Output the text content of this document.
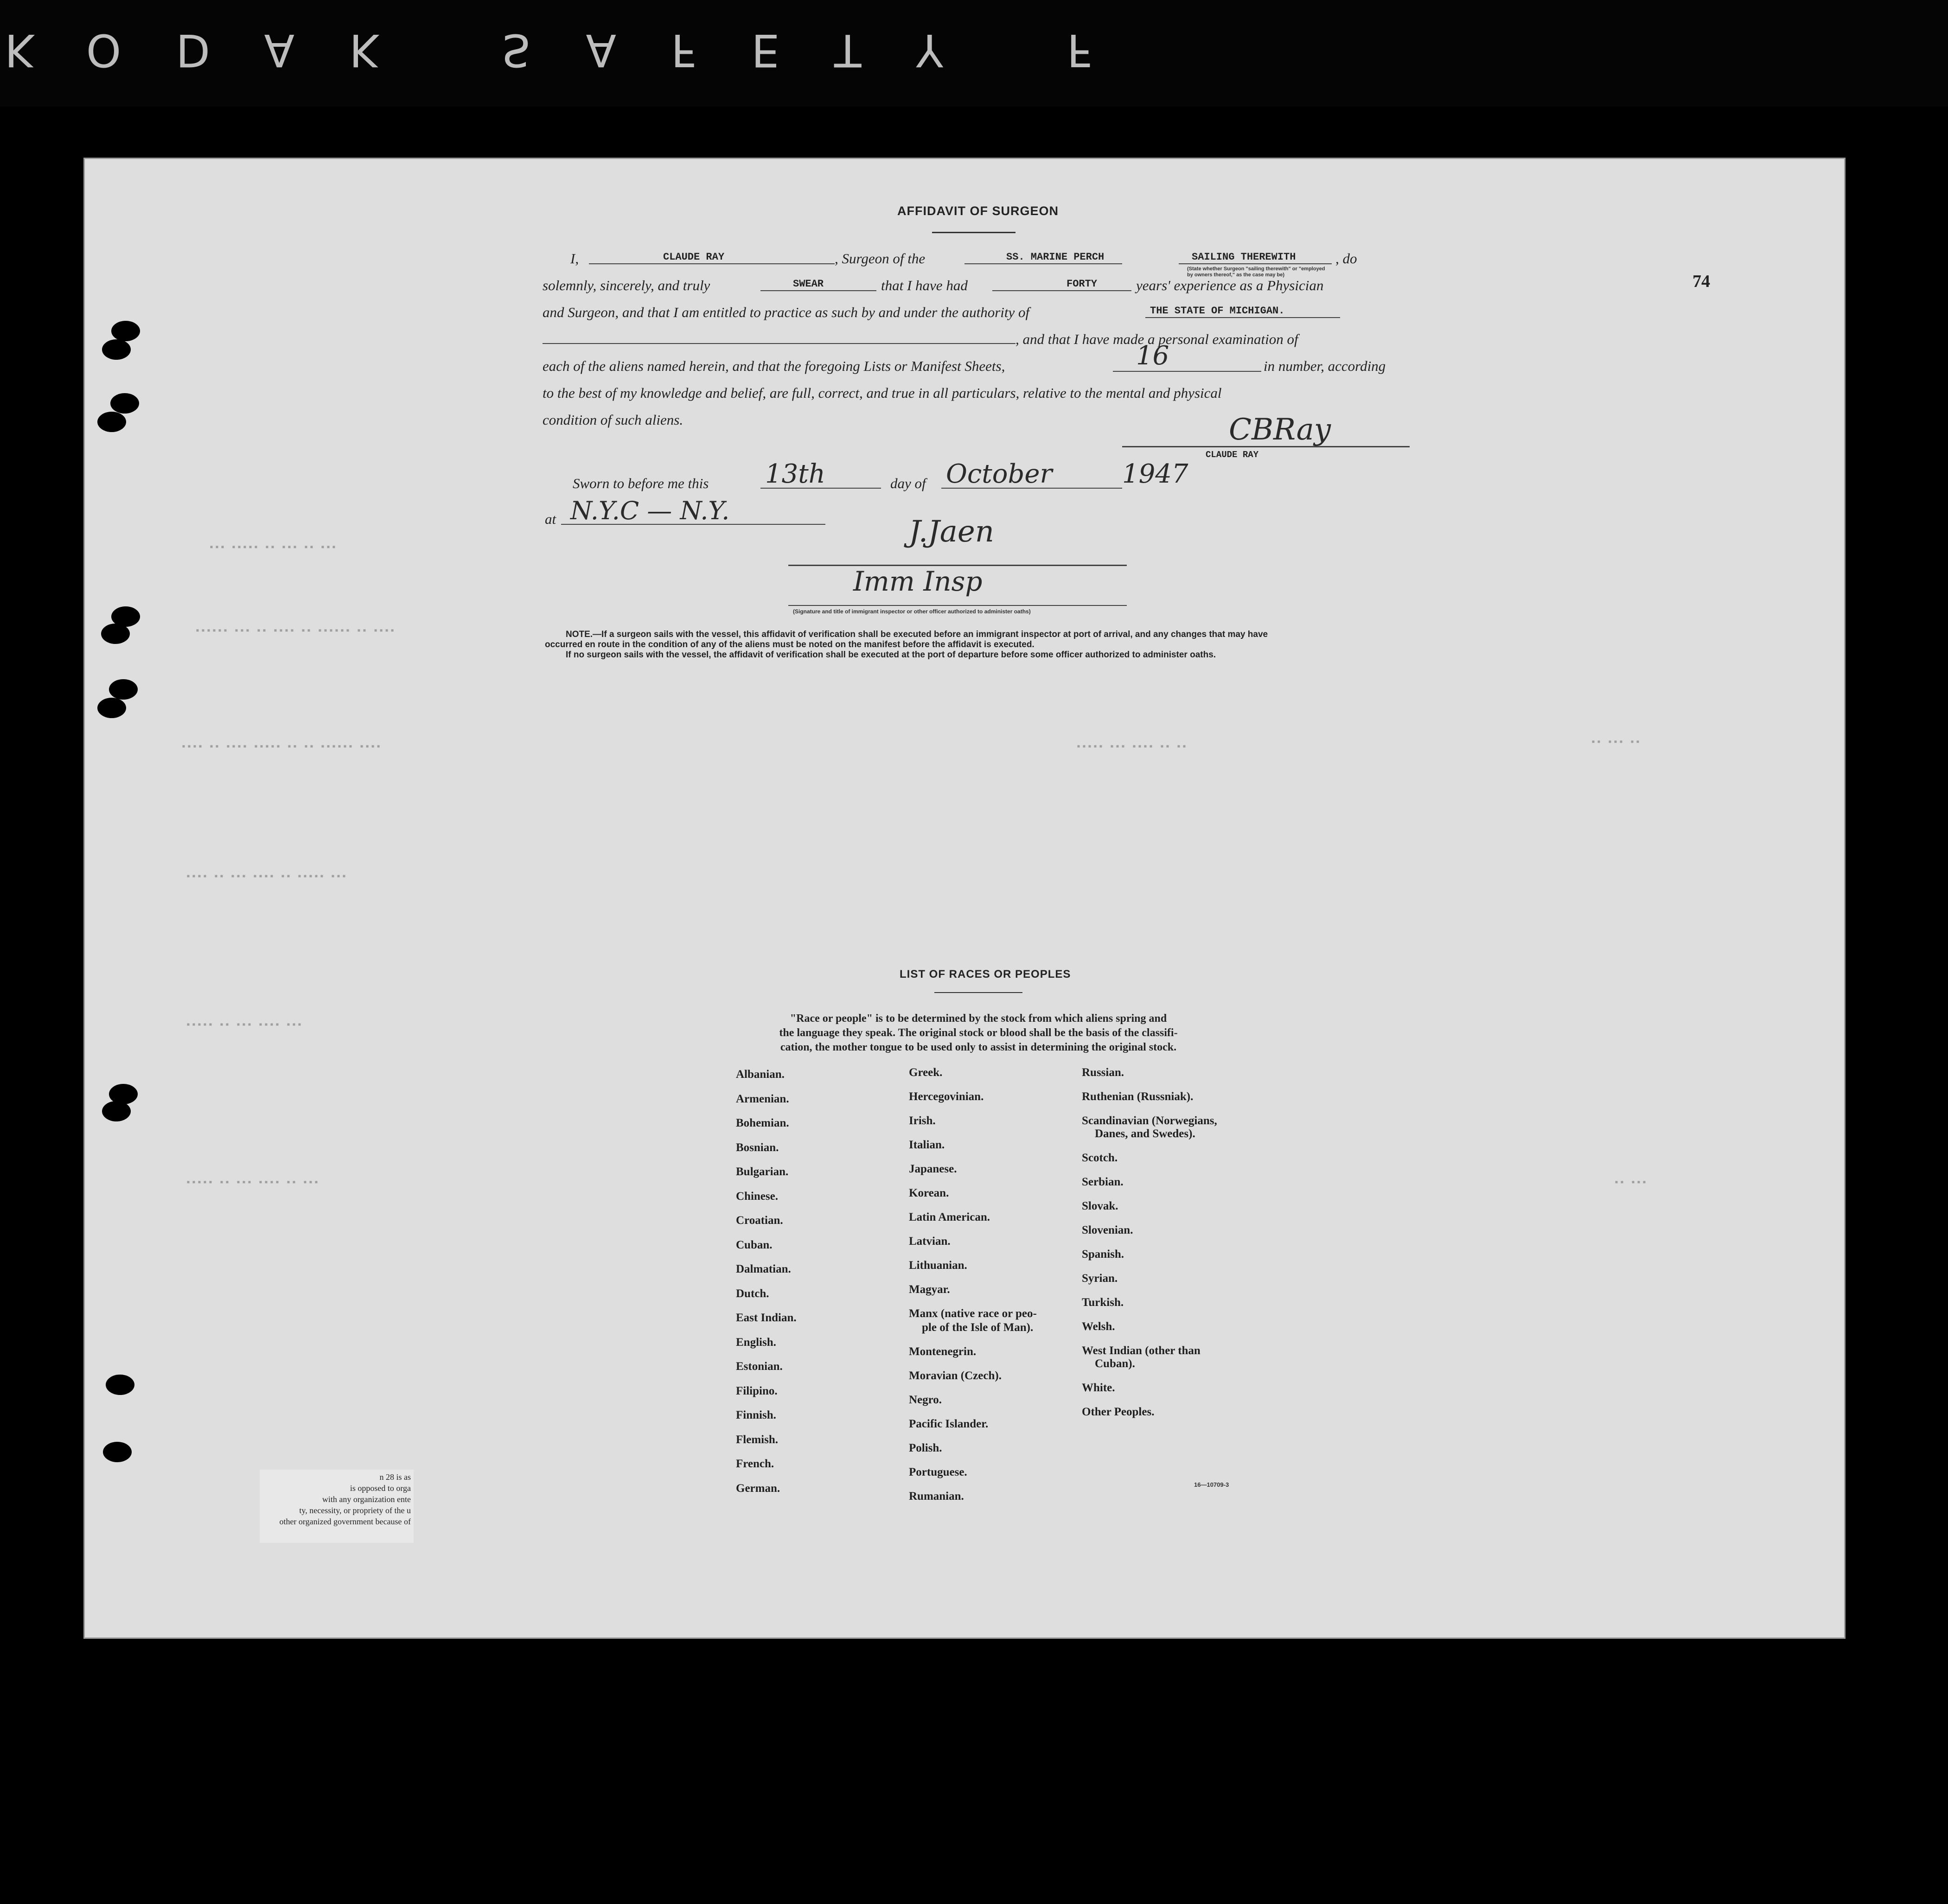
KODAK SAFETY F
74
▪▪▪ ▪▪▪▪▪ ▪▪ ▪▪▪ ▪▪ ▪▪▪
▪▪▪▪▪▪ ▪▪▪ ▪▪ ▪▪▪▪ ▪▪ ▪▪▪▪▪▪ ▪▪ ▪▪▪▪
▪▪▪▪ ▪▪ ▪▪▪▪ ▪▪▪▪▪ ▪▪ ▪▪ ▪▪▪▪▪▪ ▪▪▪▪	▪▪▪▪▪ ▪▪▪ ▪▪▪▪ ▪▪ ▪▪	▪▪ ▪▪▪ ▪▪
▪▪▪▪ ▪▪ ▪▪▪ ▪▪▪▪ ▪▪ ▪▪▪▪▪ ▪▪▪
▪▪▪▪▪ ▪▪ ▪▪▪ ▪▪▪▪ ▪▪▪
▪▪▪▪▪ ▪▪ ▪▪▪ ▪▪▪▪ ▪▪ ▪▪▪	▪▪ ▪▪▪
AFFIDAVIT OF SURGEON
I,	CLAUDE RAY	, Surgeon of the	SS. MARINE PERCH	SAILING THEREWITH
(State whether Surgeon "sailing therewith" or "employed by owners thereof," as the case may be)
, do
solemnly, sincerely, and truly	SWEAR	that I have had	FORTY	years' experience as a Physician
and Surgeon, and that I am entitled to practice as such by and under the authority of	THE STATE OF MICHIGAN.
, and that I have made a personal examination of
each of the aliens named herein, and that the foregoing Lists or Manifest Sheets,	16	in number, according
to the best of my knowledge and belief, are full, correct, and true in all particulars, relative to the mental and physical
condition of such aliens.	CBRay
CLAUDE RAY
Sworn to before me this 13th	day of October	1947
at N.Y.C — N.Y.
J.Jaen
Imm Insp
(Signature and title of immigrant inspector or other officer authorized to administer oaths)
NOTE.—If a surgeon sails with the vessel, this affidavit of verification shall be executed before an immigrant inspector at port of arrival, and any changes that may have
occurred en route in the condition of any of the aliens must be noted on the manifest before the affidavit is executed.
If no surgeon sails with the vessel, the affidavit of verification shall be executed at the port of departure before some officer authorized to administer oaths.
LIST OF RACES OR PEOPLES
"Race or people" is to be determined by the stock from which aliens spring and
the language they speak. The original stock or blood shall be the basis of the classifi-
cation, the mother tongue to be used only to assist in determining the original stock.
Albanian.
Armenian.
Bohemian.
Bosnian.
Bulgarian.
Chinese.
Croatian.
Cuban.
Dalmatian.
Dutch.
East Indian.
English.
Estonian.
Filipino.
Finnish.
Flemish.
French.
German.
Greek.
Hercegovinian.
Irish.
Italian.
Japanese.
Korean.
Latin American.
Latvian.
Lithuanian.
Magyar.
Manx (native race or peo-
ple of the Isle of Man).
Montenegrin.
Moravian (Czech).
Negro.
Pacific Islander.
Polish.
Portuguese.
Rumanian.
Russian.
Ruthenian (Russniak).
Scandinavian (Norwegians,
Danes, and Swedes).
Scotch.
Serbian.
Slovak.
Slovenian.
Spanish.
Syrian.
Turkish.
Welsh.
West Indian (other than
Cuban).
White.
Other Peoples.
16—10709-3
n 28 is as
is opposed to orga
with any organization ente
ty, necessity, or propriety of the u
other organized government because of
